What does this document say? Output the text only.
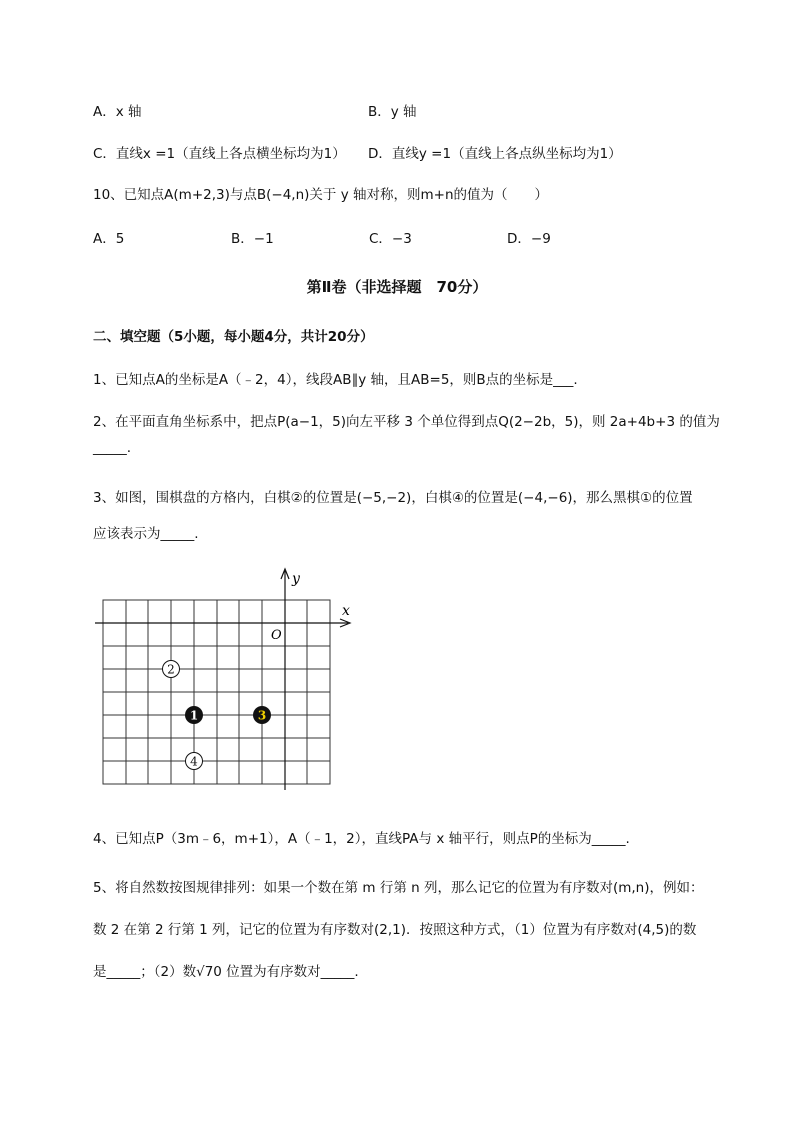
A．x 轴	B．y 轴
C．直线x =1（直线上各点横坐标均为1） D．直线y =1（直线上各点纵坐标均为1）
10、已知点A(m+2,3)与点B(−4,n)关于 y 轴对称，则m+n的值为（　　）
A．5	B．−1	C．−3	D．−9
第Ⅱ卷（非选择题　70分）
二、填空题（5小题，每小题4分，共计20分）
1、已知点A的坐标是A（﹣2，4），线段AB∥y 轴，且AB=5，则B点的坐标是___.
2、在平面直角坐标系中，把点P(a−1，5)向左平移 3 个单位得到点Q(2−2b，5)，则 2a+4b+3 的值为
_____.
3、如图，围棋盘的方格内，白棋②的位置是(−5,−2)，白棋④的位置是(−4,−6)，那么黑棋①的位置
应该表示为_____.
x
y
O
2
1	3
4
4、已知点P（3m﹣6，m+1），A（﹣1，2），直线PA与 x 轴平行，则点P的坐标为_____.
5、将自然数按图规律排列：如果一个数在第 m 行第 n 列，那么记它的位置为有序数对(m,n)，例如：
数 2 在第 2 行第 1 列，记它的位置为有序数对(2,1)．按照这种方式，（1）位置为有序数对(4,5)的数
是_____；（2）数√70 位置为有序数对_____.
